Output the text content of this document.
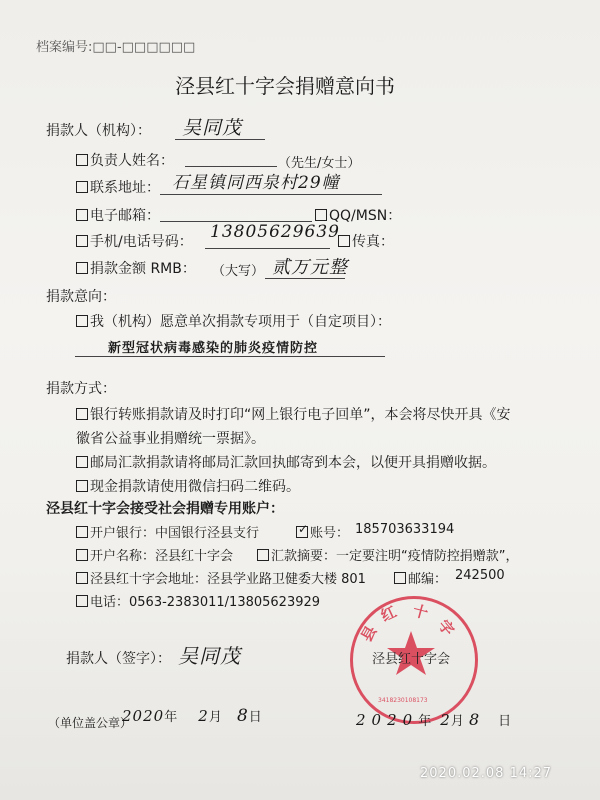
档案编号:□□-□□□□□□
泾县红十字会捐赠意向书
捐款人（机构）： 吴同茂
负责人姓名：	（先生/女士）
联系地址： 石星镇同西泉村29幢
电子邮箱：	QQ/MSN：
手机/电话号码： 13805629639 传真：
捐款金额 RMB： （大写） 贰万元整
捐款意向：
我（机构）愿意单次捐款专项用于（自定项目）：
新型冠状病毒感染的肺炎疫情防控
捐款方式：
银行转账捐款请及时打印“网上银行电子回单”，本会将尽快开具《安
徽省公益事业捐赠统一票据》。
邮局汇款捐款请将邮局汇款回执邮寄到本会，以便开具捐赠收据。
现金捐款请使用微信扫码二维码。
泾县红十字会接受社会捐赠专用账户：
开户银行：中国银行泾县支行	✓ 账号： 185703633194
开户名称：泾县红十字会	汇款摘要：一定要注明“疫情防控捐赠款”，
泾县红十字会地址：泾县学业路卫健委大楼 801	邮编： 242500
电话：0563-2383011/13805623929
县
红 十
字
3418230108173
泾县红十字会
捐款人（签字）： 吴同茂
（单位盖公章）
2020年 2月 8日	2020年 2月 8 日
2020.02.08 14:27
